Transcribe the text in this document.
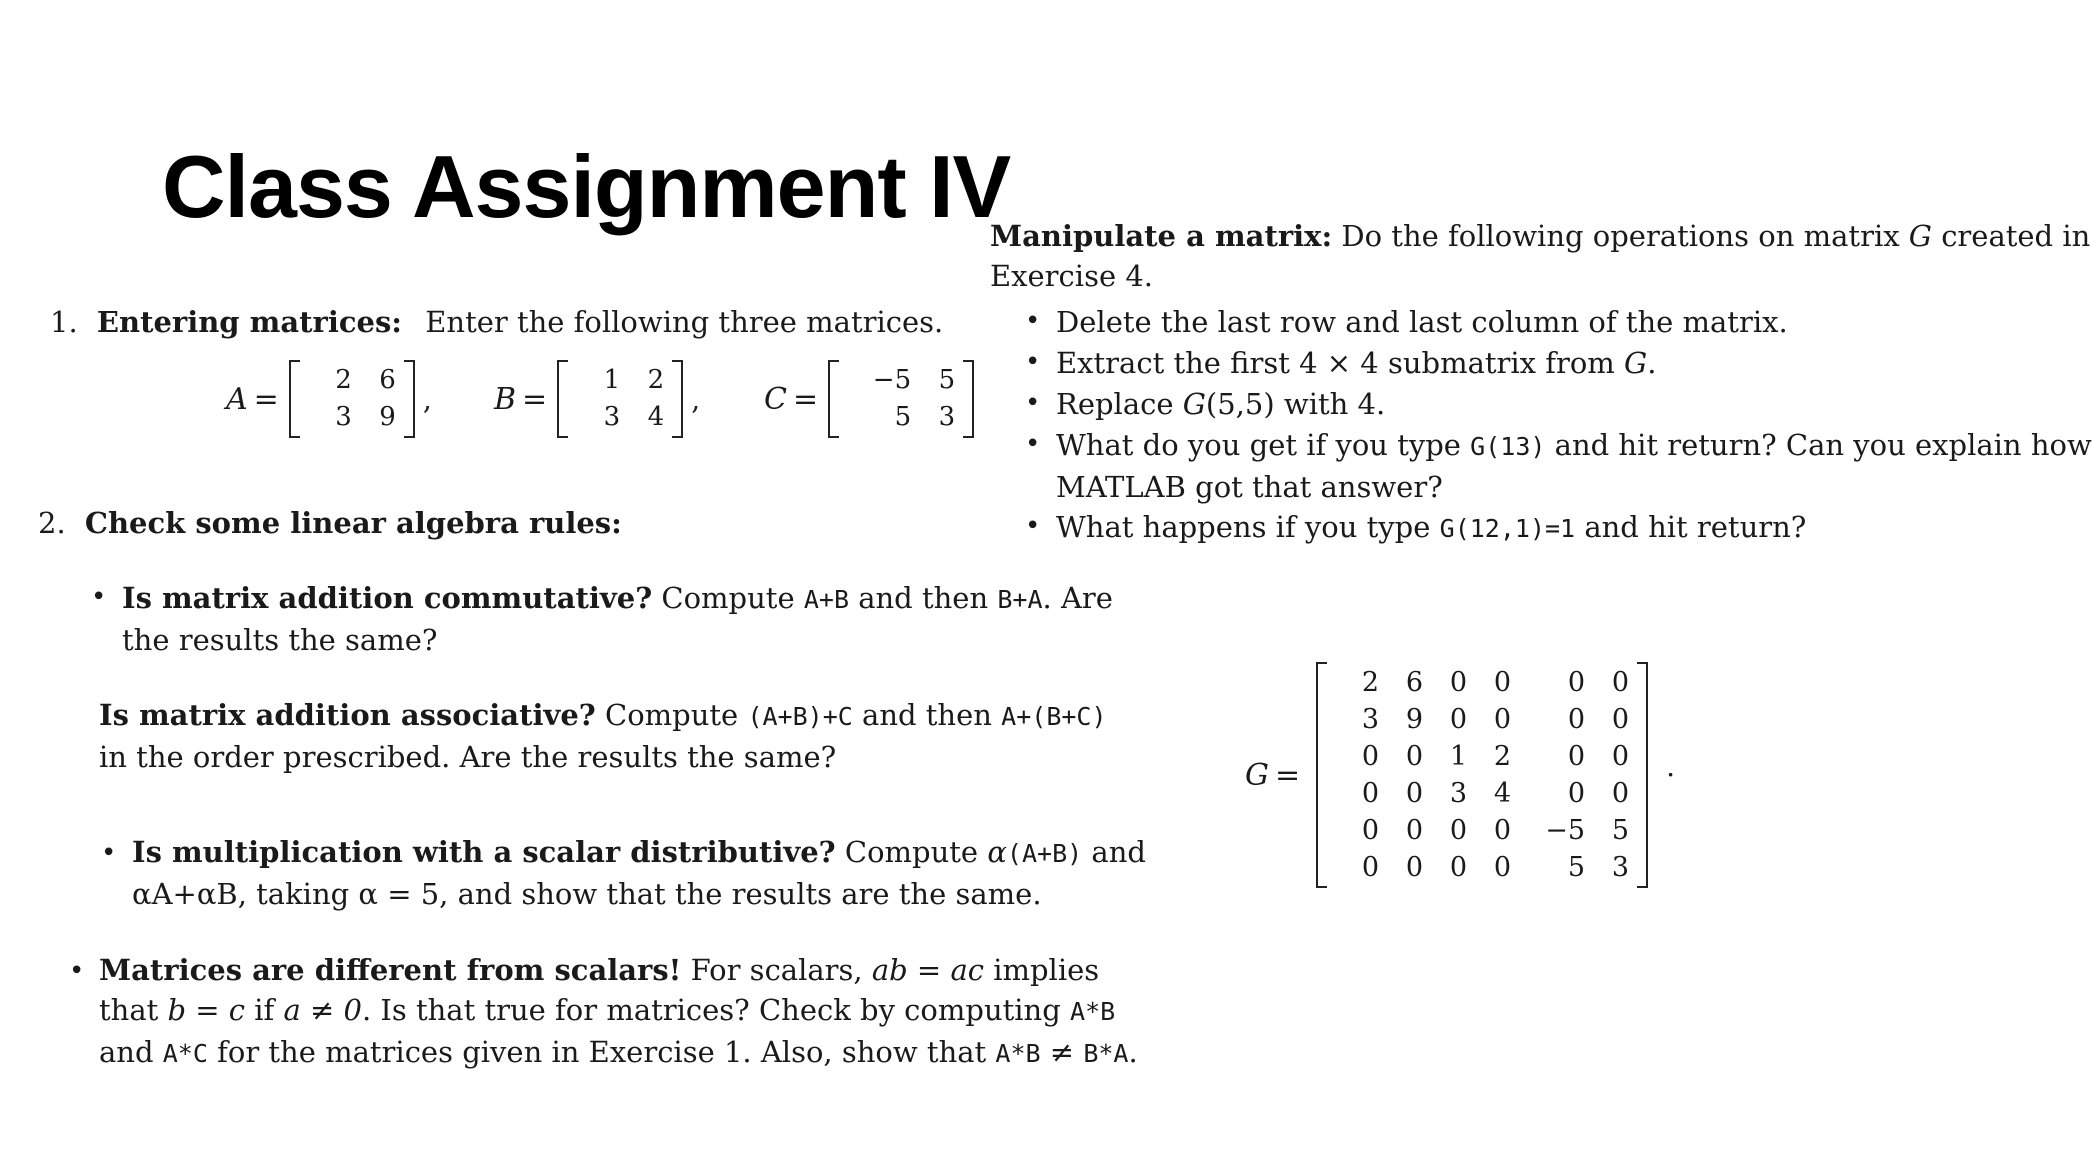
Class Assignment IV
1. Entering matrices: Enter the following three matrices.
A =
2	6
3	9
, B =
1	2
3	4
, C =
−5	5
5	3
2. Check some linear algebra rules:
• Is matrix addition commutative? Compute A+B and then B+A. Are
the results the same?
Is matrix addition associative? Compute (A+B)+C and then A+(B+C)
in the order prescribed. Are the results the same?
• Is multiplication with a scalar distributive? Compute α(A+B) and
αA+αB, taking α = 5, and show that the results are the same.
• Matrices are different from scalars! For scalars, ab = ac implies
that b = c if a ≠ 0. Is that true for matrices? Check by computing A*B
and A*C for the matrices given in Exercise 1. Also, show that A*B ≠ B*A.
Manipulate a matrix: Do the following operations on matrix G created in
Exercise 4.
• Delete the last row and last column of the matrix.
• Extract the first 4 × 4 submatrix from G.
• Replace G(5,5) with 4.
• What do you get if you type G(13) and hit return? Can you explain how
MATLAB got that answer?
• What happens if you type G(12,1)=1 and hit return?
G =
2 6 0 0	0 0
3 9 0 0	0 0
0 0 1 2	0 0
0 0 3 4	0 0
0 0 0 0	−5 5
0 0 0 0	5 3
.
